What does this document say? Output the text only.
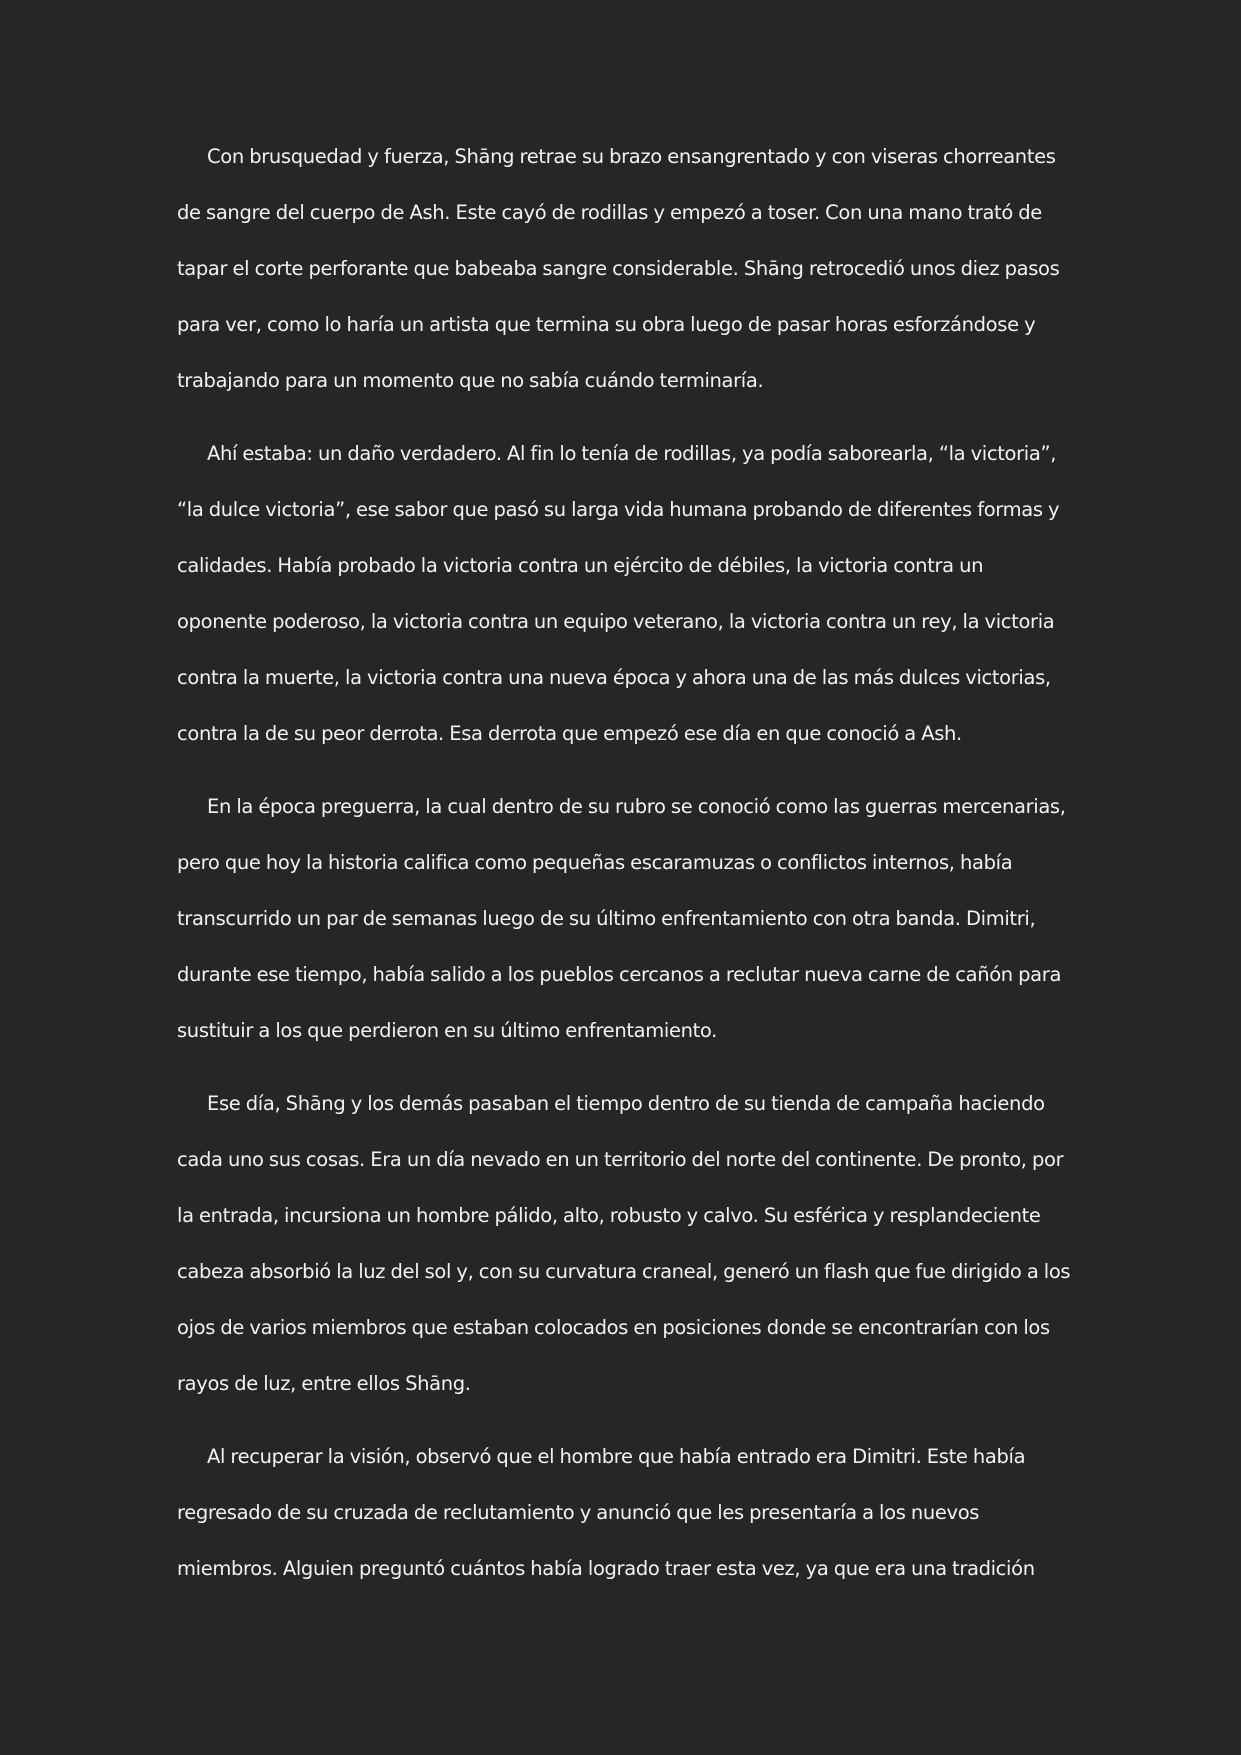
Con brusquedad y fuerza, Shāng retrae su brazo ensangrentado y con viseras chorreantes
de sangre del cuerpo de Ash. Este cayó de rodillas y empezó a toser. Con una mano trató de
tapar el corte perforante que babeaba sangre considerable. Shāng retrocedió unos diez pasos
para ver, como lo haría un artista que termina su obra luego de pasar horas esforzándose y
trabajando para un momento que no sabía cuándo terminaría.
Ahí estaba: un daño verdadero. Al fin lo tenía de rodillas, ya podía saborearla, “la victoria”,
“la dulce victoria”, ese sabor que pasó su larga vida humana probando de diferentes formas y
calidades. Había probado la victoria contra un ejército de débiles, la victoria contra un
oponente poderoso, la victoria contra un equipo veterano, la victoria contra un rey, la victoria
contra la muerte, la victoria contra una nueva época y ahora una de las más dulces victorias,
contra la de su peor derrota. Esa derrota que empezó ese día en que conoció a Ash.
En la época preguerra, la cual dentro de su rubro se conoció como las guerras mercenarias,
pero que hoy la historia califica como pequeñas escaramuzas o conflictos internos, había
transcurrido un par de semanas luego de su último enfrentamiento con otra banda. Dimitri,
durante ese tiempo, había salido a los pueblos cercanos a reclutar nueva carne de cañón para
sustituir a los que perdieron en su último enfrentamiento.
Ese día, Shāng y los demás pasaban el tiempo dentro de su tienda de campaña haciendo
cada uno sus cosas. Era un día nevado en un territorio del norte del continente. De pronto, por
la entrada, incursiona un hombre pálido, alto, robusto y calvo. Su esférica y resplandeciente
cabeza absorbió la luz del sol y, con su curvatura craneal, generó un flash que fue dirigido a los
ojos de varios miembros que estaban colocados en posiciones donde se encontrarían con los
rayos de luz, entre ellos Shāng.
Al recuperar la visión, observó que el hombre que había entrado era Dimitri. Este había
regresado de su cruzada de reclutamiento y anunció que les presentaría a los nuevos
miembros. Alguien preguntó cuántos había logrado traer esta vez, ya que era una tradición
